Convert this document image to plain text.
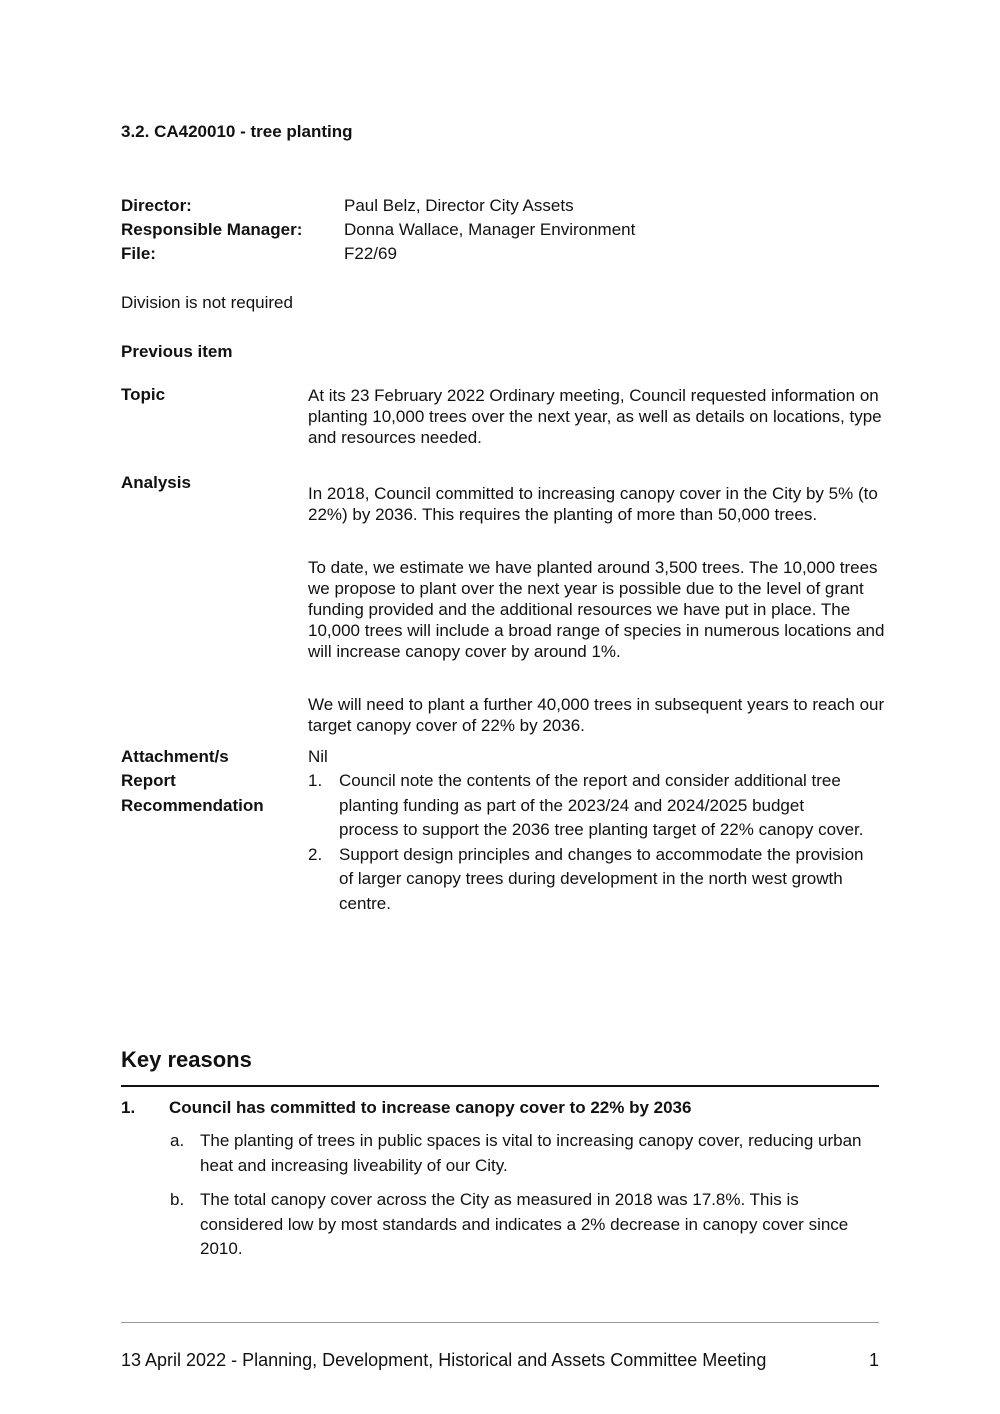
3.2. CA420010 - tree planting
Director:	Paul Belz, Director City Assets
Responsible Manager: Donna Wallace, Manager Environment
File:	F22/69
Division is not required
Previous item
Topic	At its 23 February 2022 Ordinary meeting, Council requested information on planting 10,000 trees over the next year, as well as details on locations, type and resources needed.
Analysis
In 2018, Council committed to increasing canopy cover in the City by 5% (to 22%) by 2036. This requires the planting of more than 50,000 trees.
To date, we estimate we have planted around 3,500 trees. The 10,000 trees we propose to plant over the next year is possible due to the level of grant funding provided and the additional resources we have put in place. The 10,000 trees will include a broad range of species in numerous locations and will increase canopy cover by around 1%.
We will need to plant a further 40,000 trees in subsequent years to reach our target canopy cover of 22% by 2036.
Attachment/s	Nil
Report
Recommendation
1. Council note the contents of the report and consider additional tree planting funding as part of the 2023/24 and 2024/2025 budget process to support the 2036 tree planting target of 22% canopy cover.
2. Support design principles and changes to accommodate the provision of larger canopy trees during development in the north west growth centre.
Key reasons
1. Council has committed to increase canopy cover to 22% by 2036
a. The planting of trees in public spaces is vital to increasing canopy cover, reducing urban heat and increasing liveability of our City.
b. The total canopy cover across the City as measured in 2018 was 17.8%. This is considered low by most standards and indicates a 2% decrease in canopy cover since 2010.
13 April 2022 - Planning, Development, Historical and Assets Committee Meeting	1
